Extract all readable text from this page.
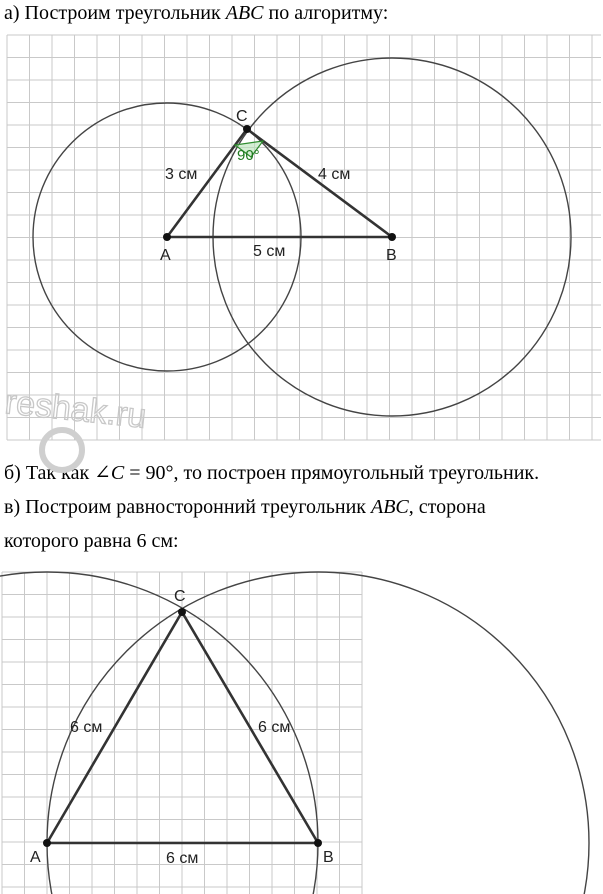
а) Построим треугольник ABC по алгоритму:
б) Так как ∠C = 90°, то построен прямоугольный треугольник.
в) Построим равносторонний треугольник ABC, сторона
которого равна 6 см:
A	B
C
3 см	4 см
5 см
90°
reshak.ru
A	B
C
6 см	6 см
6 см
